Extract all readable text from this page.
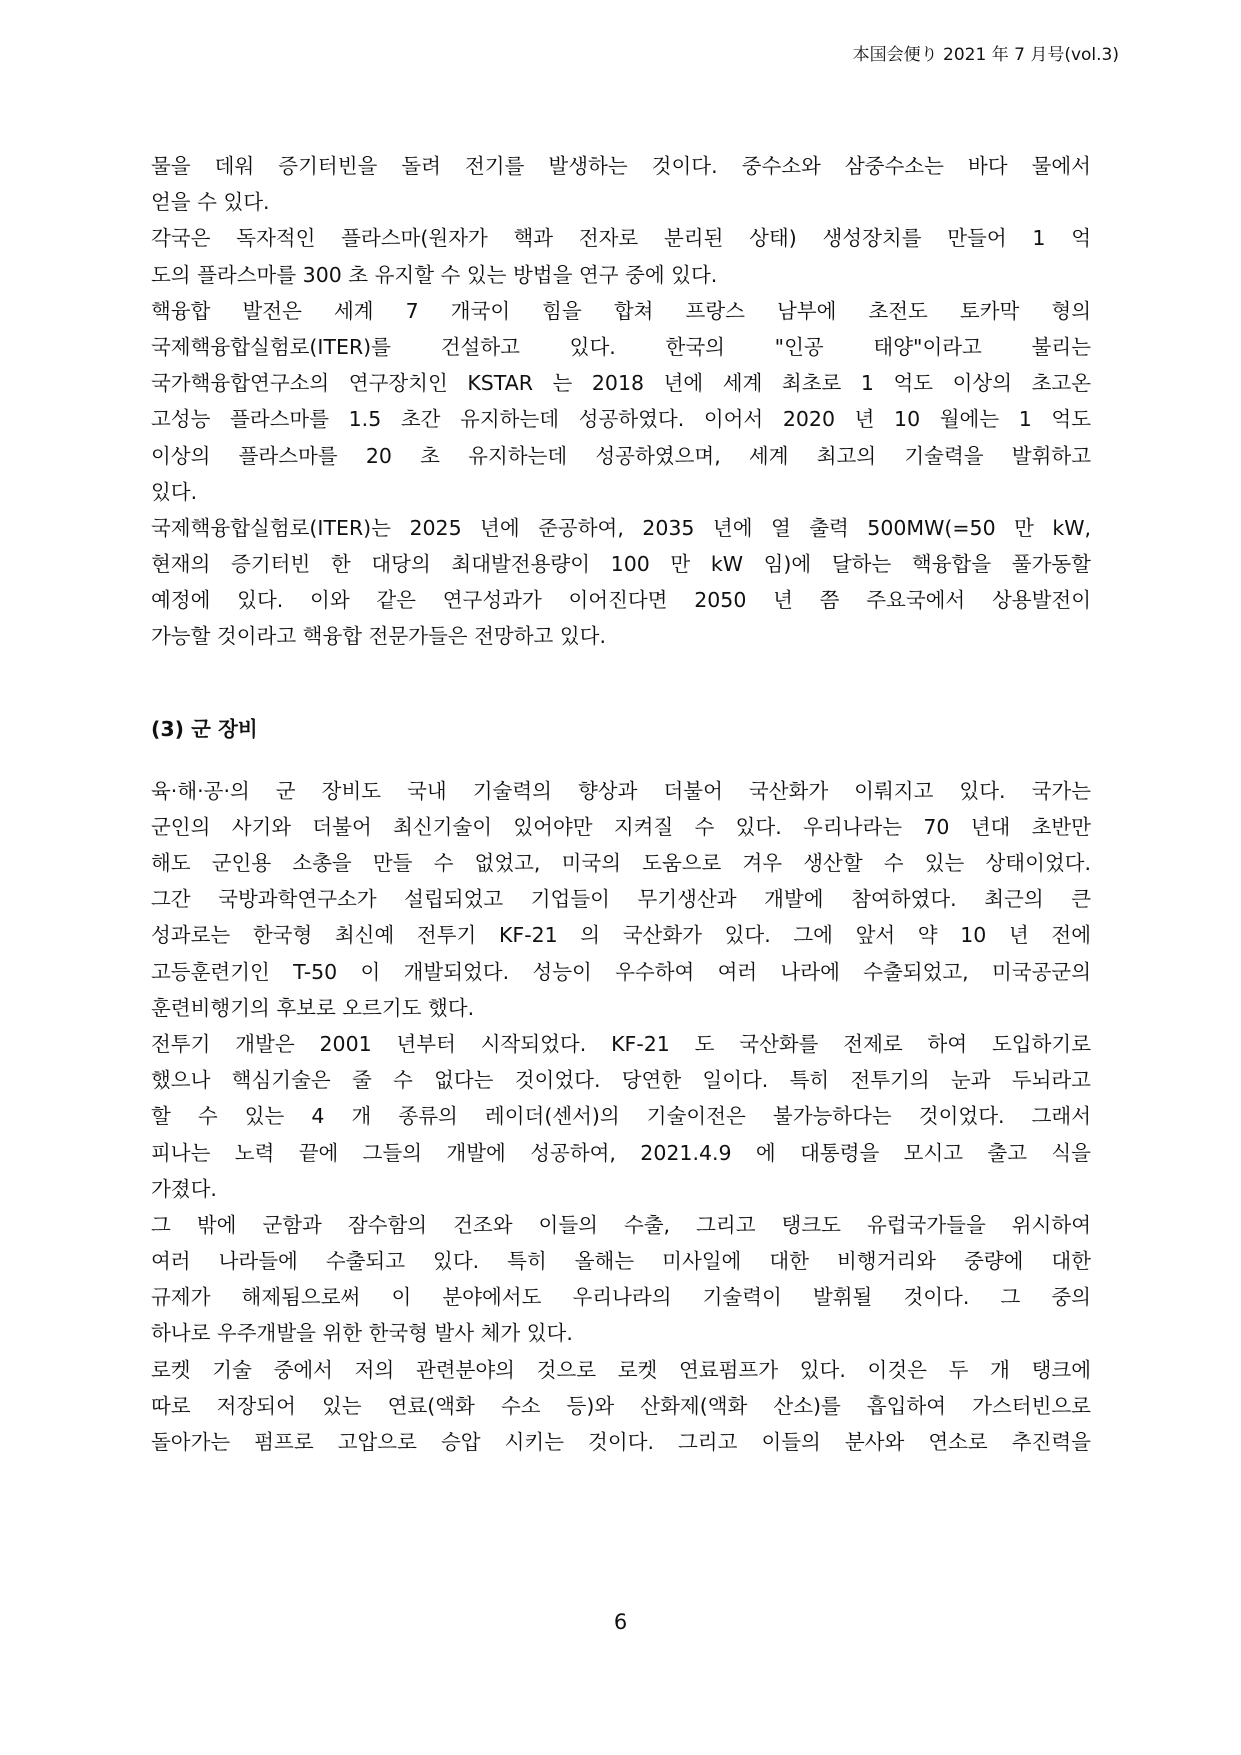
本国会便り 2021 年 7 月号(vol.3)
물을 데워 증기터빈을 돌려 전기를 발생하는 것이다. 중수소와 삼중수소는 바다 물에서
얻을 수 있다.
각국은 독자적인 플라스마(원자가 핵과 전자로 분리된 상태) 생성장치를 만들어 1 억
도의 플라스마를 300 초 유지할 수 있는 방법을 연구 중에 있다.
핵융합 발전은 세계 7 개국이 힘을 합쳐 프랑스 남부에 초전도 토카막 형의
국제핵융합실험로(ITER)를 건설하고 있다. 한국의 "인공 태양"이라고 불리는
국가핵융합연구소의 연구장치인 KSTAR 는 2018 년에 세계 최초로 1 억도 이상의 초고온
고성능 플라스마를 1.5 초간 유지하는데 성공하였다. 이어서 2020 년 10 월에는 1 억도
이상의 플라스마를 20 초 유지하는데 성공하였으며, 세계 최고의 기술력을 발휘하고
있다.
국제핵융합실험로(ITER)는 2025 년에 준공하여, 2035 년에 열 출력 500MW(=50 만 kW,
현재의 증기터빈 한 대당의 최대발전용량이 100 만 kW 임)에 달하는 핵융합을 풀가동할
예정에 있다. 이와 같은 연구성과가 이어진다면 2050 년 쯤 주요국에서 상용발전이
가능할 것이라고 핵융합 전문가들은 전망하고 있다.
(3) 군 장비
육·해·공·의 군 장비도 국내 기술력의 향상과 더불어 국산화가 이뤄지고 있다. 국가는
군인의 사기와 더불어 최신기술이 있어야만 지켜질 수 있다. 우리나라는 70 년대 초반만
해도 군인용 소총을 만들 수 없었고, 미국의 도움으로 겨우 생산할 수 있는 상태이었다.
그간 국방과학연구소가 설립되었고 기업들이 무기생산과 개발에 참여하였다. 최근의 큰
성과로는 한국형 최신예 전투기 KF-21 의 국산화가 있다. 그에 앞서 약 10 년 전에
고등훈련기인 T-50 이 개발되었다. 성능이 우수하여 여러 나라에 수출되었고, 미국공군의
훈련비행기의 후보로 오르기도 했다.
전투기 개발은 2001 년부터 시작되었다. KF-21 도 국산화를 전제로 하여 도입하기로
했으나 핵심기술은 줄 수 없다는 것이었다. 당연한 일이다. 특히 전투기의 눈과 두뇌라고
할 수 있는 4 개 종류의 레이더(센서)의 기술이전은 불가능하다는 것이었다. 그래서
피나는 노력 끝에 그들의 개발에 성공하여, 2021.4.9 에 대통령을 모시고 출고 식을
가졌다.
그 밖에 군함과 잠수함의 건조와 이들의 수출, 그리고 탱크도 유럽국가들을 위시하여
여러 나라들에 수출되고 있다. 특히 올해는 미사일에 대한 비행거리와 중량에 대한
규제가 해제됨으로써 이 분야에서도 우리나라의 기술력이 발휘될 것이다. 그 중의
하나로 우주개발을 위한 한국형 발사 체가 있다.
로켓 기술 중에서 저의 관련분야의 것으로 로켓 연료펌프가 있다. 이것은 두 개 탱크에
따로 저장되어 있는 연료(액화 수소 등)와 산화제(액화 산소)를 흡입하여 가스터빈으로
돌아가는 펌프로 고압으로 승압 시키는 것이다. 그리고 이들의 분사와 연소로 추진력을
6
